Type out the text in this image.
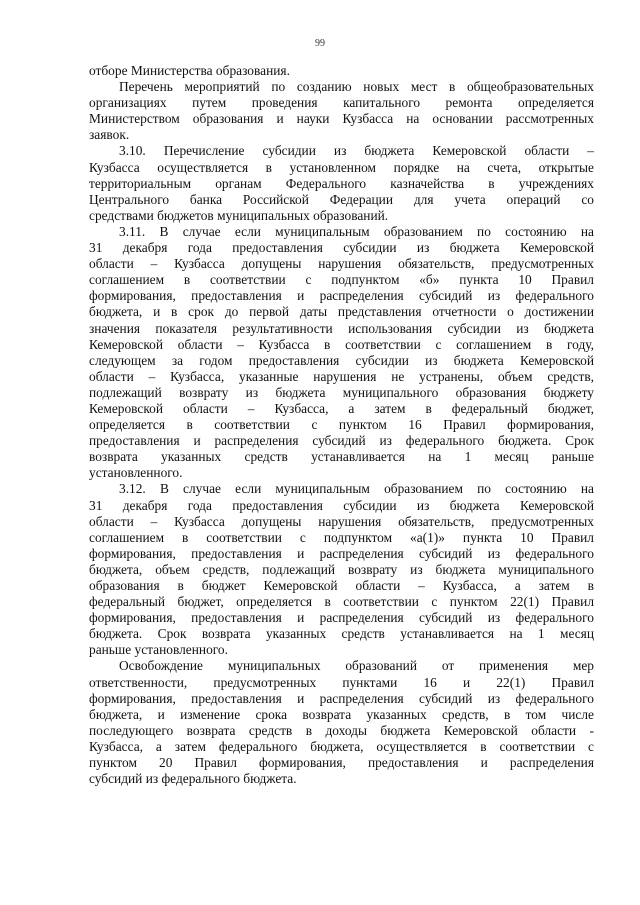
99
отборе Министерства образования.
Перечень мероприятий по созданию новых мест в общеобразовательных
организациях путем проведения капитального ремонта определяется
Министерством образования и науки Кузбасса на основании рассмотренных
заявок.
3.10. Перечисление субсидии из бюджета Кемеровской области –
Кузбасса осуществляется в установленном порядке на счета, открытые
территориальным органам Федерального казначейства в учреждениях
Центрального банка Российской Федерации для учета операций со
средствами бюджетов муниципальных образований.
3.11. В случае если муниципальным образованием по состоянию на
31 декабря года предоставления субсидии из бюджета Кемеровской
области – Кузбасса допущены нарушения обязательств, предусмотренных
соглашением в соответствии с подпунктом «б» пункта 10 Правил
формирования, предоставления и распределения субсидий из федерального
бюджета, и в срок до первой даты представления отчетности о достижении
значения показателя результативности использования субсидии из бюджета
Кемеровской области – Кузбасса в соответствии с соглашением в году,
следующем за годом предоставления субсидии из бюджета Кемеровской
области – Кузбасса, указанные нарушения не устранены, объем средств,
подлежащий возврату из бюджета муниципального образования бюджету
Кемеровской области – Кузбасса, а затем в федеральный бюджет,
определяется в соответствии с пунктом 16 Правил формирования,
предоставления и распределения субсидий из федерального бюджета. Срок
возврата указанных средств устанавливается на 1 месяц раньше
установленного.
3.12. В случае если муниципальным образованием по состоянию на
31 декабря года предоставления субсидии из бюджета Кемеровской
области – Кузбасса допущены нарушения обязательств, предусмотренных
соглашением в соответствии с подпунктом «а(1)» пункта 10 Правил
формирования, предоставления и распределения субсидий из федерального
бюджета, объем средств, подлежащий возврату из бюджета муниципального
образования в бюджет Кемеровской области – Кузбасса, а затем в
федеральный бюджет, определяется в соответствии с пунктом 22(1) Правил
формирования, предоставления и распределения субсидий из федерального
бюджета. Срок возврата указанных средств устанавливается на 1 месяц
раньше установленного.
Освобождение муниципальных образований от применения мер
ответственности, предусмотренных пунктами 16 и 22(1) Правил
формирования, предоставления и распределения субсидий из федерального
бюджета, и изменение срока возврата указанных средств, в том числе
последующего возврата средств в доходы бюджета Кемеровской области -
Кузбасса, а затем федерального бюджета, осуществляется в соответствии с
пунктом 20 Правил формирования, предоставления и распределения
субсидий из федерального бюджета.
